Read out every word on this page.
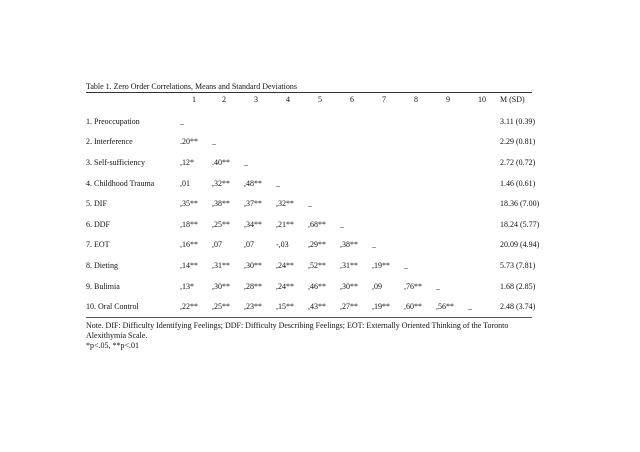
Table 1. Zero Order Correlations, Means and Standard Deviations
	1	2	3	4	5	6	7	8	9	10	M (SD)
1. Preoccupation	_										3.11 (0.39)
2. Interference	.20**	_									2.29 (0.81)
3. Self-sufficiency	,12*	.40**	_								2.72 (0.72)
4. Childhood Trauma	,01	,32**	,48**	_							1.46 (0.61)
5. DIF	,35**	,38**	,37**	,32**	_						18.36 (7.00)
6. DDF	,18**	,25**	,34**	,21**	,68**	_					18.24 (5.77)
7. EOT	,16**	,07	,07	-,03	,29**	,38**	_				20.09 (4.94)
8. Dieting	,14**	,31**	,30**	,24**	,52**	,31**	,19**	_			5.73 (7.81)
9. Bulimia	,13*	,30**	,28**	,24**	,46**	,30**	,09	,76**	_		1.68 (2.85)
10. Oral Control	,22**	,25**	,23**	,15**	,43**	,27**	,19**	,60**	,56**	_	2.48 (3.74)
Note. DIF: Difficulty Identifying Feelings; DDF: Difficulty Describing Feelings; EOT: Externally Oriented Thinking of the Toronto Alexithymia Scale.
*p<.05, **p<.01
